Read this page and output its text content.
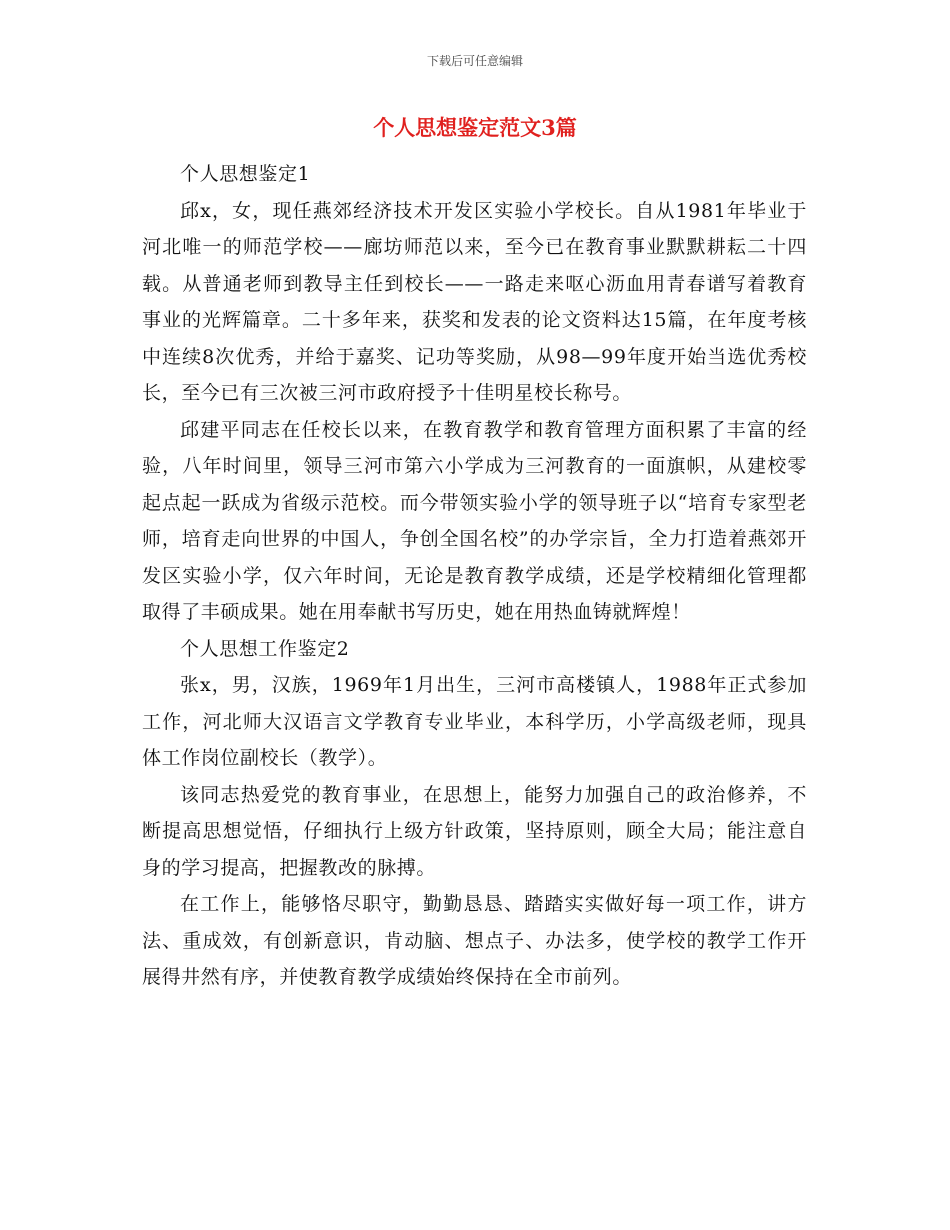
下载后可任意编辑
个人思想鉴定范文3篇

个人思想鉴定1

邱x，女，现任燕郊经济技术开发区实验小学校长。自从1981年毕业于河北唯一的师范学校——廊坊师范以来，至今已在教育事业默默耕耘二十四载。从普通老师到教导主任到校长——一路走来呕心沥血用青春谱写着教育事业的光辉篇章。二十多年来，获奖和发表的论文资料达15篇，在年度考核中连续8次优秀，并给于嘉奖、记功等奖励，从98—99年度开始当选优秀校长，至今已有三次被三河市政府授予十佳明星校长称号。

邱建平同志在任校长以来，在教育教学和教育管理方面积累了丰富的经验，八年时间里，领导三河市第六小学成为三河教育的一面旗帜，从建校零起点起一跃成为省级示范校。而今带领实验小学的领导班子以“培育专家型老师，培育走向世界的中国人，争创全国名校”的办学宗旨，全力打造着燕郊开发区实验小学，仅六年时间，无论是教育教学成绩，还是学校精细化管理都取得了丰硕成果。她在用奉献书写历史，她在用热血铸就辉煌！

个人思想工作鉴定2

张x，男，汉族，1969年1月出生，三河市高楼镇人，1988年正式参加工作，河北师大汉语言文学教育专业毕业，本科学历，小学高级老师，现具体工作岗位副校长（教学）。

该同志热爱党的教育事业，在思想上，能努力加强自己的政治修养，不断提高思想觉悟，仔细执行上级方针政策，坚持原则，顾全大局；能注意自身的学习提高，把握教改的脉搏。

在工作上，能够恪尽职守，勤勤恳恳、踏踏实实做好每一项工作，讲方法、重成效，有创新意识，肯动脑、想点子、办法多，使学校的教学工作开展得井然有序，并使教育教学成绩始终保持在全市前列。
